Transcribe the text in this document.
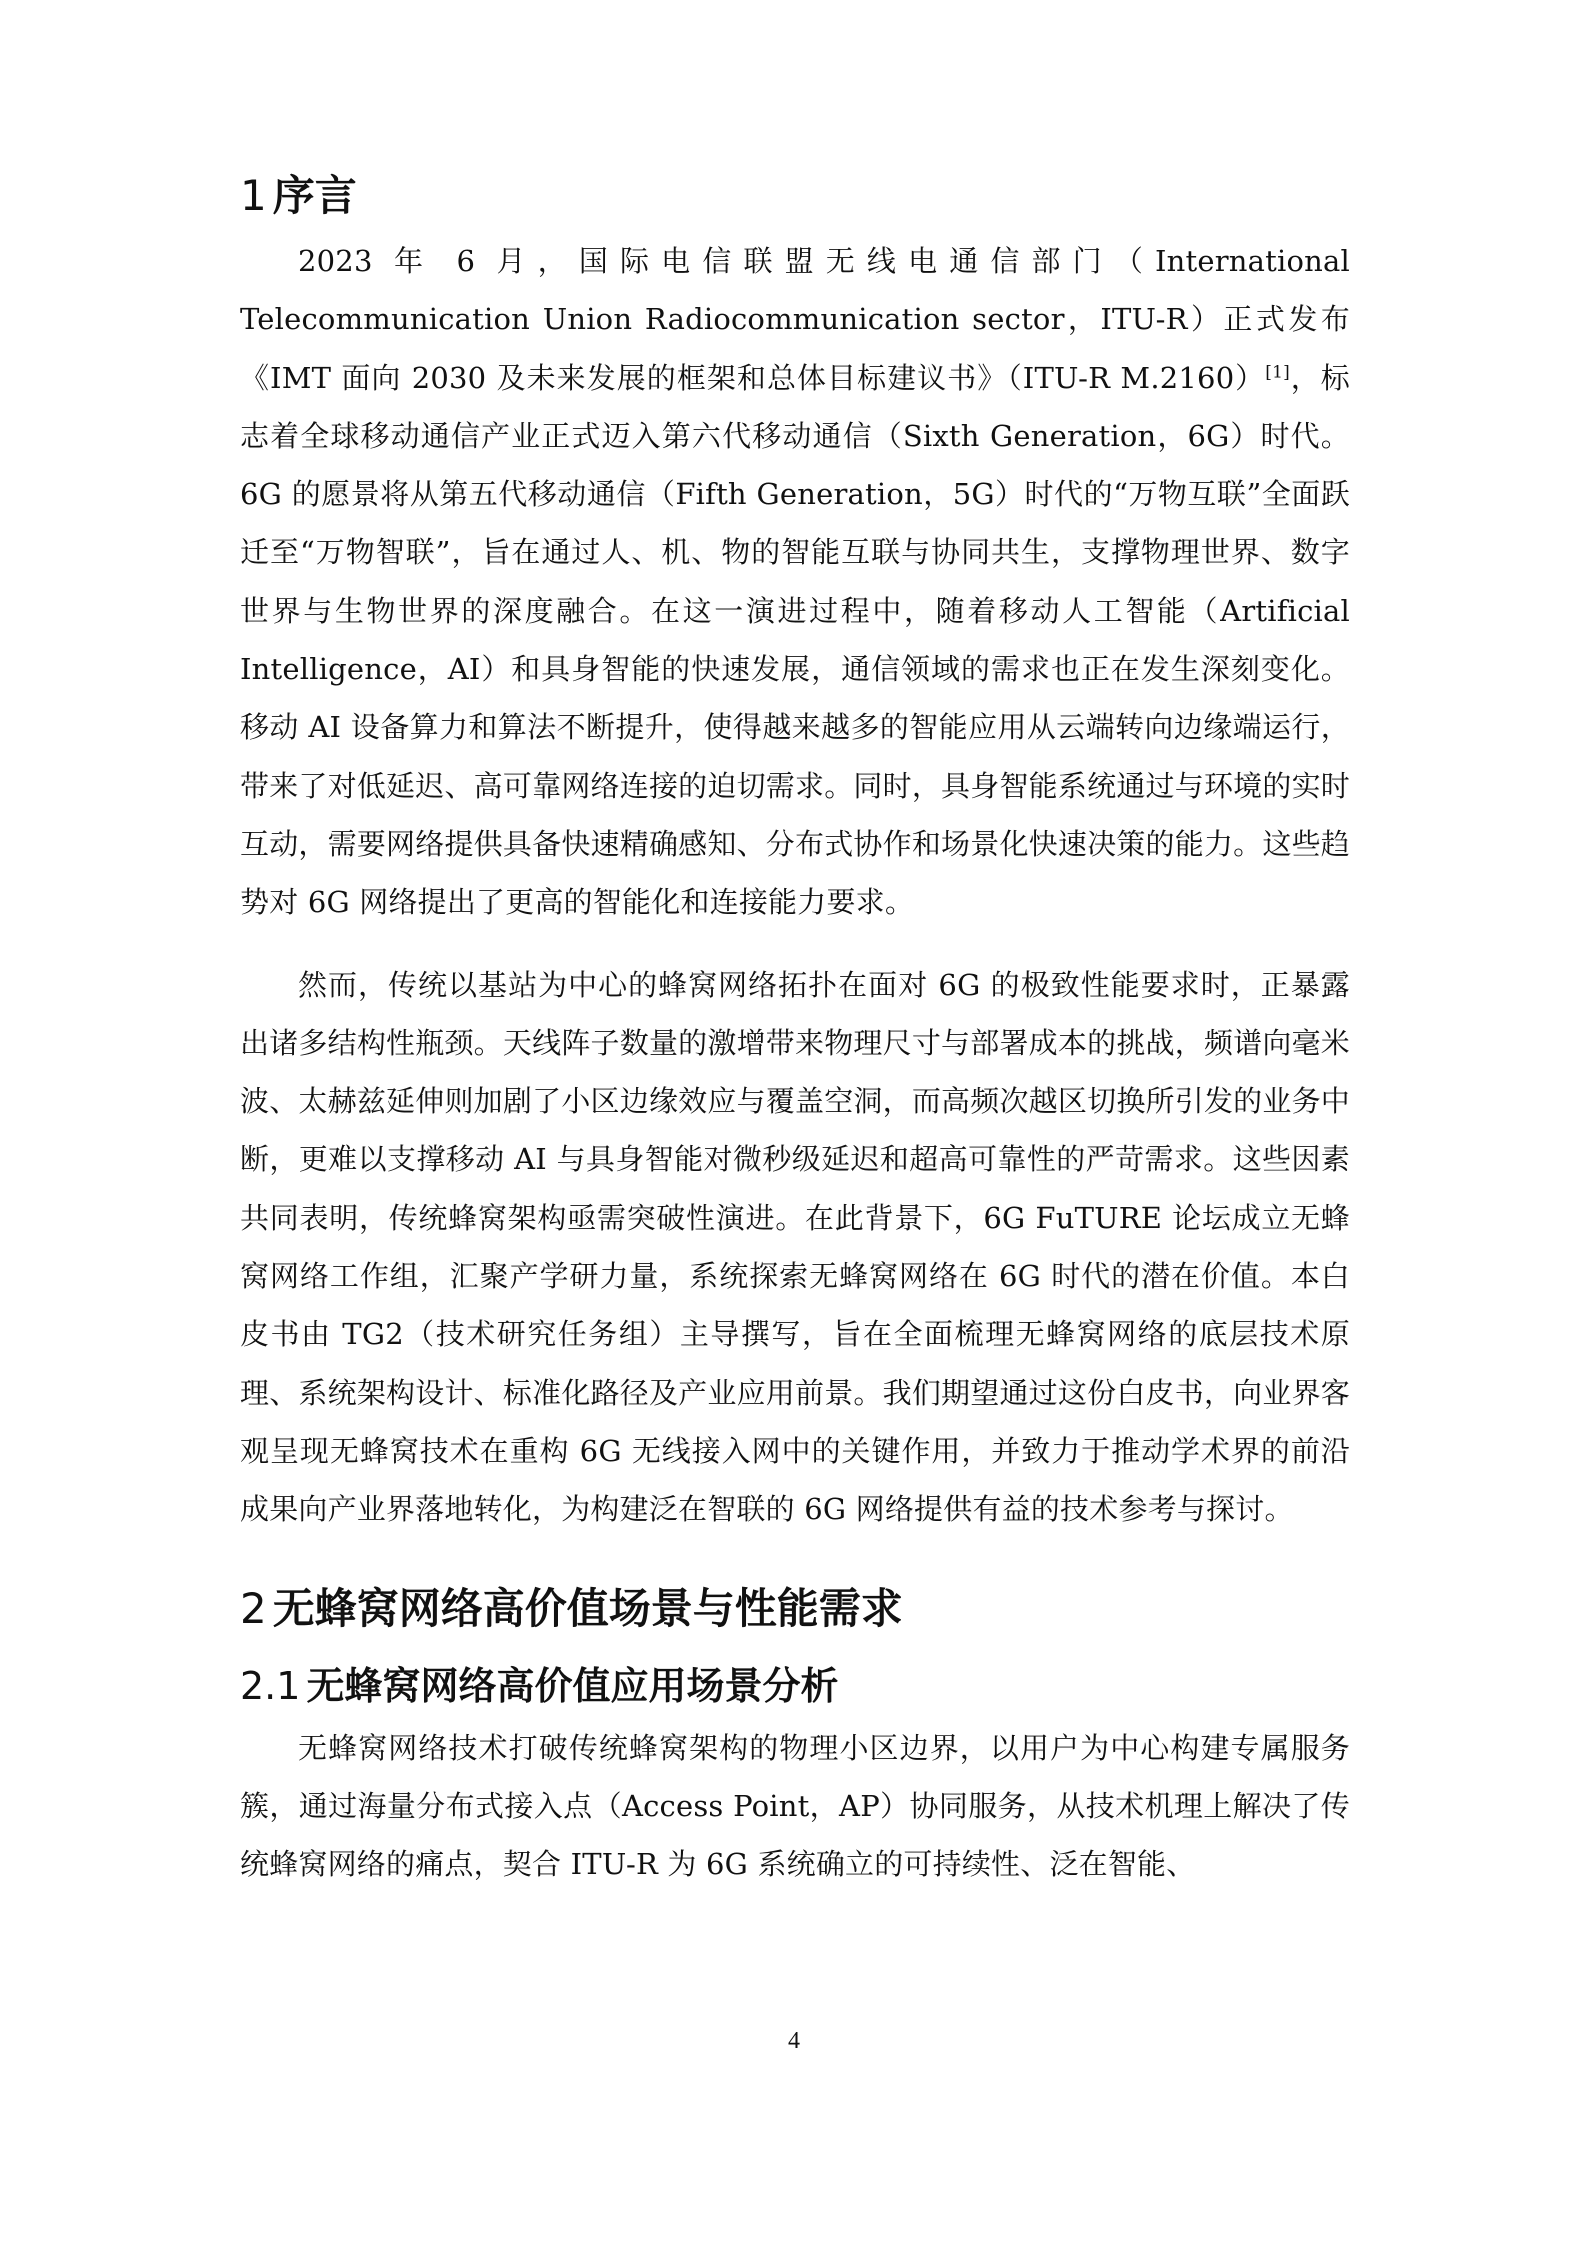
1 序言

2023 年 6 月，国际电信联盟无线电通信部门（International Telecommunication Union Radiocommunication sector，ITU-R）正式发布《IMT 面向 2030 及未来发展的框架和总体目标建议书》（ITU-R M.2160）[1]，标志着全球移动通信产业正式迈入第六代移动通信（Sixth Generation，6G）时代。6G 的愿景将从第五代移动通信（Fifth Generation，5G）时代的“万物互联”全面跃迁至“万物智联”，旨在通过人、机、物的智能互联与协同共生，支撑物理世界、数字世界与生物世界的深度融合。在这一演进过程中，随着移动人工智能（Artificial Intelligence，AI）和具身智能的快速发展，通信领域的需求也正在发生深刻变化。移动 AI 设备算力和算法不断提升，使得越来越多的智能应用从云端转向边缘端运行，带来了对低延迟、高可靠网络连接的迫切需求。同时，具身智能系统通过与环境的实时互动，需要网络提供具备快速精确感知、分布式协作和场景化快速决策的能力。这些趋势对 6G 网络提出了更高的智能化和连接能力要求。

然而，传统以基站为中心的蜂窝网络拓扑在面对 6G 的极致性能要求时，正暴露出诸多结构性瓶颈。天线阵子数量的激增带来物理尺寸与部署成本的挑战，频谱向毫米波、太赫兹延伸则加剧了小区边缘效应与覆盖空洞，而高频次越区切换所引发的业务中断，更难以支撑移动 AI 与具身智能对微秒级延迟和超高可靠性的严苛需求。这些因素共同表明，传统蜂窝架构亟需突破性演进。在此背景下，6G FuTURE 论坛成立无蜂窝网络工作组，汇聚产学研力量，系统探索无蜂窝网络在 6G 时代的潜在价值。本白皮书由 TG2（技术研究任务组）主导撰写，旨在全面梳理无蜂窝网络的底层技术原理、系统架构设计、标准化路径及产业应用前景。我们期望通过这份白皮书，向业界客观呈现无蜂窝技术在重构 6G 无线接入网中的关键作用，并致力于推动学术界的前沿成果向产业界落地转化，为构建泛在智联的 6G 网络提供有益的技术参考与探讨。

2 无蜂窝网络高价值场景与性能需求
2.1 无蜂窝网络高价值应用场景分析

无蜂窝网络技术打破传统蜂窝架构的物理小区边界，以用户为中心构建专属服务簇，通过海量分布式接入点（Access Point，AP）协同服务，从技术机理上解决了传统蜂窝网络的痛点，契合 ITU-R 为 6G 系统确立的可持续性、泛在智能、

4
